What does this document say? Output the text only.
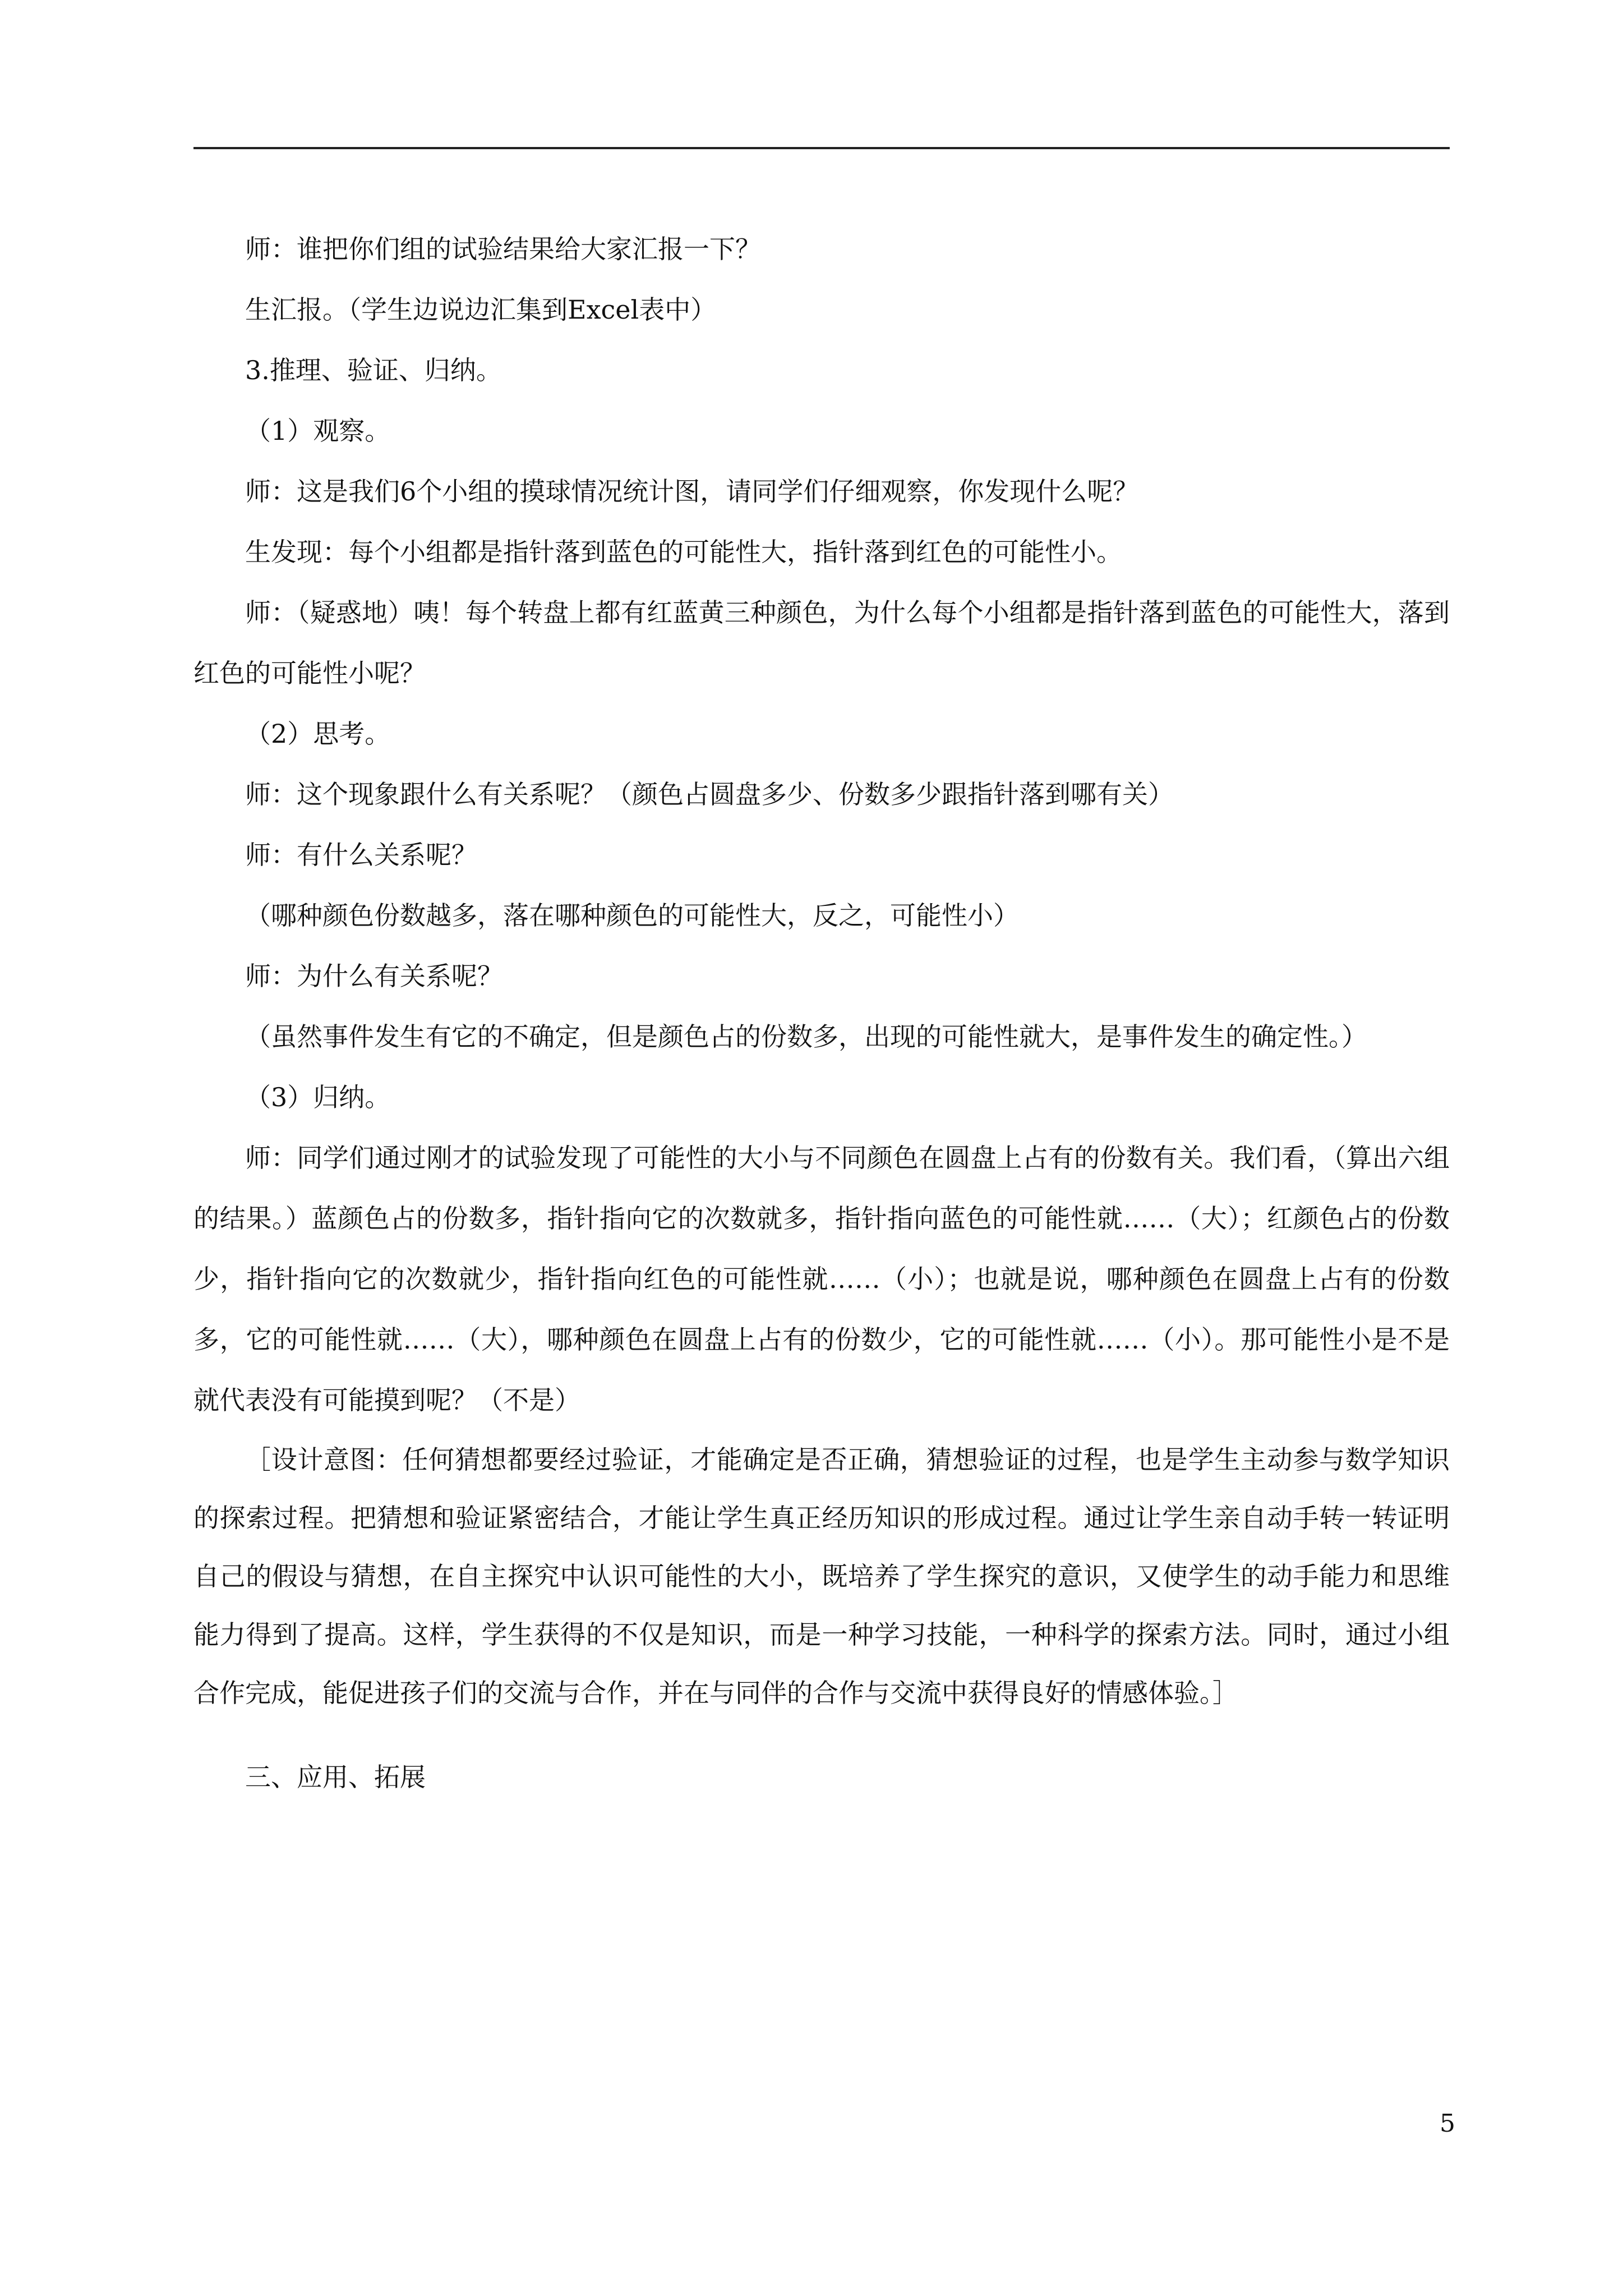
师：谁把你们组的试验结果给大家汇报一下？

生汇报。（学生边说边汇集到Excel表中）

3.推理、验证、归纳。

（1）观察。

师：这是我们6个小组的摸球情况统计图，请同学们仔细观察，你发现什么呢？

生发现：每个小组都是指针落到蓝色的可能性大，指针落到红色的可能性小。

师：（疑惑地）咦！每个转盘上都有红蓝黄三种颜色，为什么每个小组都是指针落到蓝色的可能性大，落到红色的可能性小呢？

（2）思考。

师：这个现象跟什么有关系呢？（颜色占圆盘多少、份数多少跟指针落到哪有关）

师：有什么关系呢？

（哪种颜色份数越多，落在哪种颜色的可能性大，反之，可能性小）

师：为什么有关系呢？

（虽然事件发生有它的不确定，但是颜色占的份数多，出现的可能性就大，是事件发生的确定性。）

（3）归纳。

师：同学们通过刚才的试验发现了可能性的大小与不同颜色在圆盘上占有的份数有关。我们看，（算出六组的结果。）蓝颜色占的份数多，指针指向它的次数就多，指针指向蓝色的可能性就……（大）；红颜色占的份数少，指针指向它的次数就少，指针指向红色的可能性就……（小）；也就是说，哪种颜色在圆盘上占有的份数多，它的可能性就……（大），哪种颜色在圆盘上占有的份数少，它的可能性就……（小）。那可能性小是不是就代表没有可能摸到呢？（不是）

［设计意图：任何猜想都要经过验证，才能确定是否正确，猜想验证的过程，也是学生主动参与数学知识的探索过程。把猜想和验证紧密结合，才能让学生真正经历知识的形成过程。通过让学生亲自动手转一转证明自己的假设与猜想，在自主探究中认识可能性的大小，既培养了学生探究的意识，又使学生的动手能力和思维能力得到了提高。这样，学生获得的不仅是知识，而是一种学习技能，一种科学的探索方法。同时，通过小组合作完成，能促进孩子们的交流与合作，并在与同伴的合作与交流中获得良好的情感体验。］

三、应用、拓展

5
